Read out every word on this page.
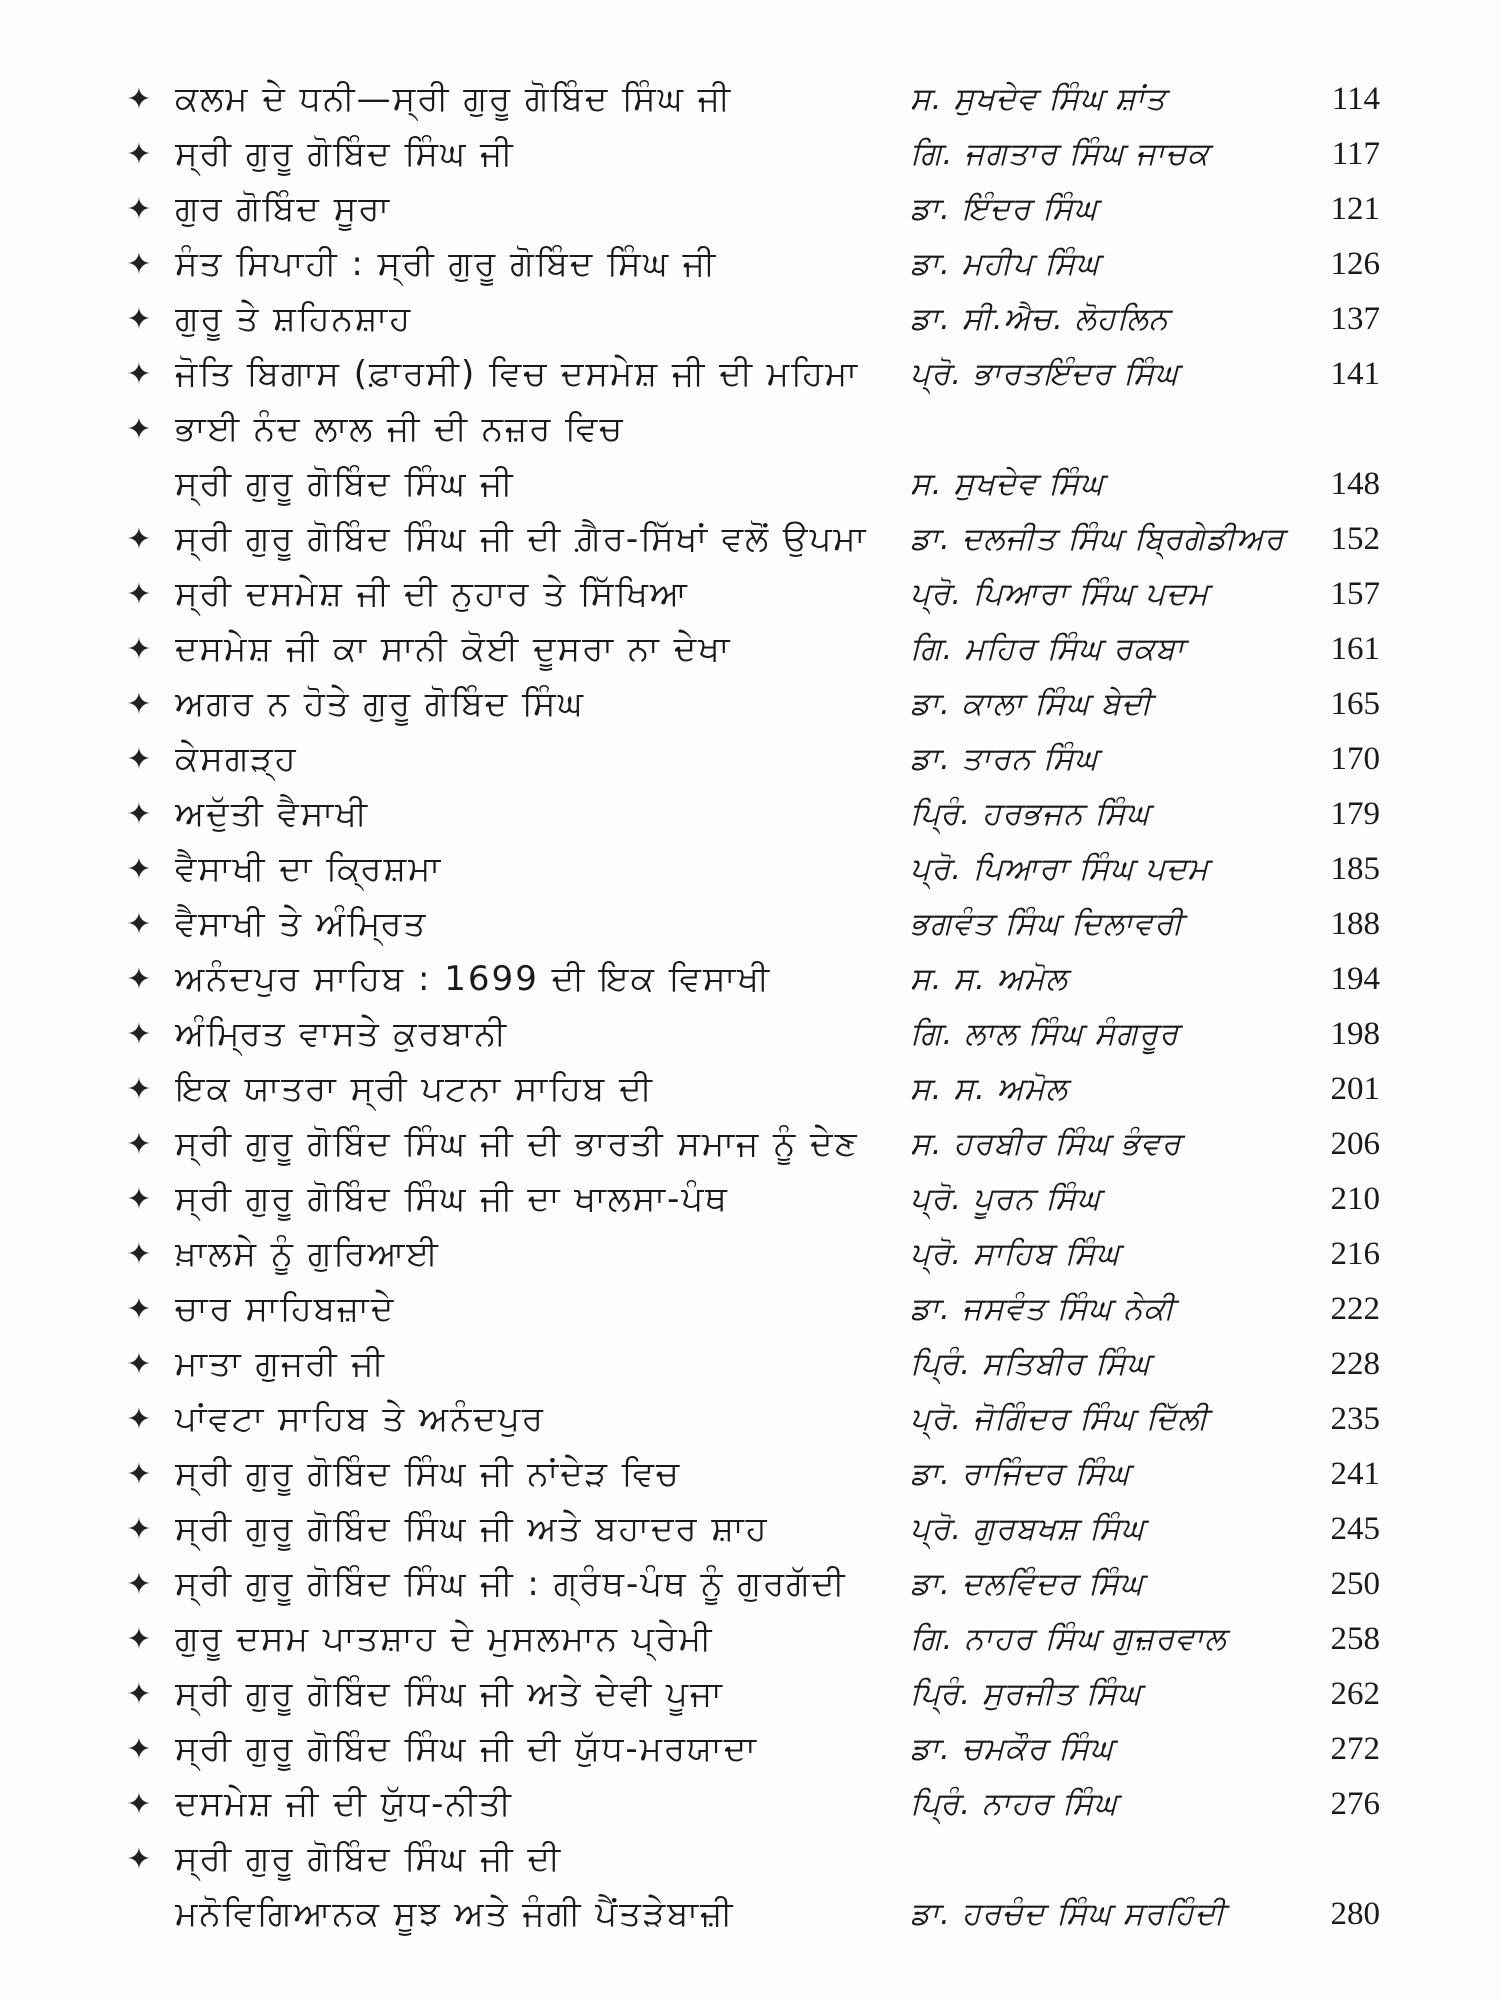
✦ ਕਲਮ ਦੇ ਧਨੀ—ਸ੍ਰੀ ਗੁਰੂ ਗੋਬਿੰਦ ਸਿੰਘ ਜੀ	ਸ. ਸੁਖਦੇਵ ਸਿੰਘ ਸ਼ਾਂਤ	114
✦ ਸ੍ਰੀ ਗੁਰੂ ਗੋਬਿੰਦ ਸਿੰਘ ਜੀ	ਗਿ. ਜਗਤਾਰ ਸਿੰਘ ਜਾਚਕ	117
✦ ਗੁਰ ਗੋਬਿੰਦ ਸੂਰਾ	ਡਾ. ਇੰਦਰ ਸਿੰਘ	121
✦ ਸੰਤ ਸਿਪਾਹੀ : ਸ੍ਰੀ ਗੁਰੂ ਗੋਬਿੰਦ ਸਿੰਘ ਜੀ	ਡਾ. ਮਹੀਪ ਸਿੰਘ	126
✦ ਗੁਰੂ ਤੇ ਸ਼ਹਿਨਸ਼ਾਹ	ਡਾ. ਸੀ.ਐਚ. ਲੋਹਲਿਨ	137
✦ ਜੋਤਿ ਬਿਗਾਸ (ਫ਼ਾਰਸੀ) ਵਿਚ ਦਸਮੇਸ਼ ਜੀ ਦੀ ਮਹਿਮਾ	ਪ੍ਰੋ. ਭਾਰਤਇੰਦਰ ਸਿੰਘ	141
✦ ਭਾਈ ਨੰਦ ਲਾਲ ਜੀ ਦੀ ਨਜ਼ਰ ਵਿਚ
ਸ੍ਰੀ ਗੁਰੂ ਗੋਬਿੰਦ ਸਿੰਘ ਜੀ	ਸ. ਸੁਖਦੇਵ ਸਿੰਘ	148
✦ ਸ੍ਰੀ ਗੁਰੂ ਗੋਬਿੰਦ ਸਿੰਘ ਜੀ ਦੀ ਗ਼ੈਰ-ਸਿੱਖਾਂ ਵਲੋਂ ਉਪਮਾ	ਡਾ. ਦਲਜੀਤ ਸਿੰਘ ਬ੍ਰਿਗੇਡੀਅਰ	152
✦ ਸ੍ਰੀ ਦਸਮੇਸ਼ ਜੀ ਦੀ ਨੁਹਾਰ ਤੇ ਸਿੱਖਿਆ	ਪ੍ਰੋ. ਪਿਆਰਾ ਸਿੰਘ ਪਦਮ	157
✦ ਦਸਮੇਸ਼ ਜੀ ਕਾ ਸਾਨੀ ਕੋਈ ਦੂਸਰਾ ਨਾ ਦੇਖਾ	ਗਿ. ਮਹਿਰ ਸਿੰਘ ਰਕਬਾ	161
✦ ਅਗਰ ਨ ਹੋਤੇ ਗੁਰੂ ਗੋਬਿੰਦ ਸਿੰਘ	ਡਾ. ਕਾਲਾ ਸਿੰਘ ਬੇਦੀ	165
✦ ਕੇਸਗੜ੍ਹ	ਡਾ. ਤਾਰਨ ਸਿੰਘ	170
✦ ਅਦੁੱਤੀ ਵੈਸਾਖੀ	ਪ੍ਰਿੰ. ਹਰਭਜਨ ਸਿੰਘ	179
✦ ਵੈਸਾਖੀ ਦਾ ਕ੍ਰਿਸ਼ਮਾ	ਪ੍ਰੋ. ਪਿਆਰਾ ਸਿੰਘ ਪਦਮ	185
✦ ਵੈਸਾਖੀ ਤੇ ਅੰਮ੍ਰਿਤ	ਭਗਵੰਤ ਸਿੰਘ ਦਿਲਾਵਰੀ	188
✦ ਅਨੰਦਪੁਰ ਸਾਹਿਬ : 1699 ਦੀ ਇਕ ਵਿਸਾਖੀ	ਸ. ਸ. ਅਮੋਲ	194
✦ ਅੰਮ੍ਰਿਤ ਵਾਸਤੇ ਕੁਰਬਾਨੀ	ਗਿ. ਲਾਲ ਸਿੰਘ ਸੰਗਰੂਰ	198
✦ ਇਕ ਯਾਤਰਾ ਸ੍ਰੀ ਪਟਨਾ ਸਾਹਿਬ ਦੀ	ਸ. ਸ. ਅਮੋਲ	201
✦ ਸ੍ਰੀ ਗੁਰੂ ਗੋਬਿੰਦ ਸਿੰਘ ਜੀ ਦੀ ਭਾਰਤੀ ਸਮਾਜ ਨੂੰ ਦੇਣ	ਸ. ਹਰਬੀਰ ਸਿੰਘ ਭੰਵਰ	206
✦ ਸ੍ਰੀ ਗੁਰੂ ਗੋਬਿੰਦ ਸਿੰਘ ਜੀ ਦਾ ਖਾਲਸਾ-ਪੰਥ	ਪ੍ਰੋ. ਪੂਰਨ ਸਿੰਘ	210
✦ ਖ਼ਾਲਸੇ ਨੂੰ ਗੁਰਿਆਈ	ਪ੍ਰੋ. ਸਾਹਿਬ ਸਿੰਘ	216
✦ ਚਾਰ ਸਾਹਿਬਜ਼ਾਦੇ	ਡਾ. ਜਸਵੰਤ ਸਿੰਘ ਨੇਕੀ	222
✦ ਮਾਤਾ ਗੁਜਰੀ ਜੀ	ਪ੍ਰਿੰ. ਸਤਿਬੀਰ ਸਿੰਘ	228
✦ ਪਾਂਵਟਾ ਸਾਹਿਬ ਤੇ ਅਨੰਦਪੁਰ	ਪ੍ਰੋ. ਜੋਗਿੰਦਰ ਸਿੰਘ ਦਿੱਲੀ	235
✦ ਸ੍ਰੀ ਗੁਰੂ ਗੋਬਿੰਦ ਸਿੰਘ ਜੀ ਨਾਂਦੇੜ ਵਿਚ	ਡਾ. ਰਾਜਿੰਦਰ ਸਿੰਘ	241
✦ ਸ੍ਰੀ ਗੁਰੂ ਗੋਬਿੰਦ ਸਿੰਘ ਜੀ ਅਤੇ ਬਹਾਦਰ ਸ਼ਾਹ	ਪ੍ਰੋ. ਗੁਰਬਖਸ਼ ਸਿੰਘ	245
✦ ਸ੍ਰੀ ਗੁਰੂ ਗੋਬਿੰਦ ਸਿੰਘ ਜੀ : ਗ੍ਰੰਥ-ਪੰਥ ਨੂੰ ਗੁਰਗੱਦੀ	ਡਾ. ਦਲਵਿੰਦਰ ਸਿੰਘ	250
✦ ਗੁਰੂ ਦਸਮ ਪਾਤਸ਼ਾਹ ਦੇ ਮੁਸਲਮਾਨ ਪ੍ਰੇਮੀ	ਗਿ. ਨਾਹਰ ਸਿੰਘ ਗੁਜ਼ਰਵਾਲ	258
✦ ਸ੍ਰੀ ਗੁਰੂ ਗੋਬਿੰਦ ਸਿੰਘ ਜੀ ਅਤੇ ਦੇਵੀ ਪੂਜਾ	ਪ੍ਰਿੰ. ਸੁਰਜੀਤ ਸਿੰਘ	262
✦ ਸ੍ਰੀ ਗੁਰੂ ਗੋਬਿੰਦ ਸਿੰਘ ਜੀ ਦੀ ਯੁੱਧ-ਮਰਯਾਦਾ	ਡਾ. ਚਮਕੌਰ ਸਿੰਘ	272
✦ ਦਸਮੇਸ਼ ਜੀ ਦੀ ਯੁੱਧ-ਨੀਤੀ	ਪ੍ਰਿੰ. ਨਾਹਰ ਸਿੰਘ	276
✦ ਸ੍ਰੀ ਗੁਰੂ ਗੋਬਿੰਦ ਸਿੰਘ ਜੀ ਦੀ
ਮਨੋਵਿਗਿਆਨਕ ਸੂਝ ਅਤੇ ਜੰਗੀ ਪੈਂਤੜੇਬਾਜ਼ੀ	ਡਾ. ਹਰਚੰਦ ਸਿੰਘ ਸਰਹਿੰਦੀ	280
